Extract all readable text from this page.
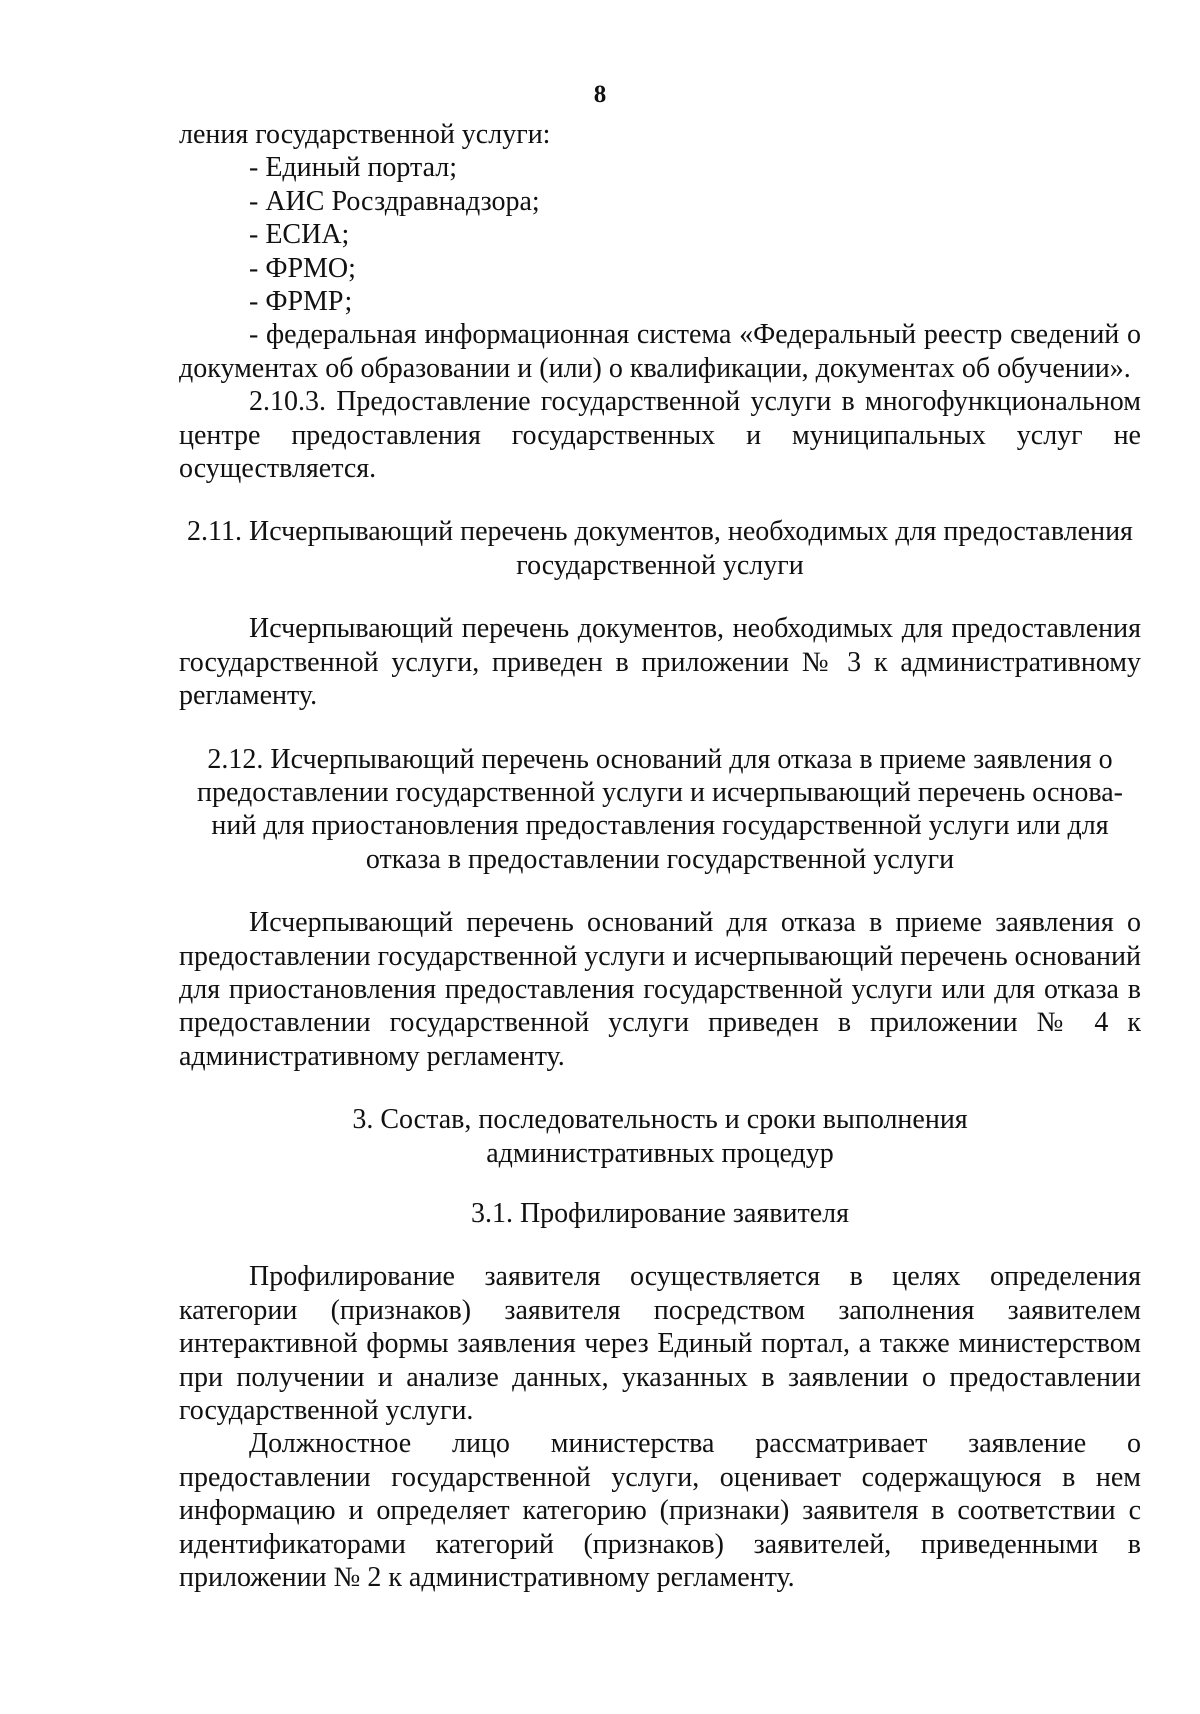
8

ления государственной услуги:

- Единый портал;

- АИС Росздравнадзора;

- ЕСИА;

- ФРМО;

- ФРМР;

- федеральная информационная система «Федеральный реестр сведений о документах об образовании и (или) о квалификации, документах об обучении».

2.10.3. Предоставление государственной услуги в многофункциональном центре предоставления государственных и муниципальных услуг не осуществляется.

2.11. Исчерпывающий перечень документов, необходимых для предоставления

государственной услуги

Исчерпывающий перечень документов, необходимых для предоставления государственной услуги, приведен в приложении № 3 к административному регламенту.

2.12. Исчерпывающий перечень оснований для отказа в приеме заявления о

предоставлении государственной услуги и исчерпывающий перечень основа-

ний для приостановления предоставления государственной услуги или для

отказа в предоставлении государственной услуги

Исчерпывающий перечень оснований для отказа в приеме заявления о предоставлении государственной услуги и исчерпывающий перечень оснований для приостановления предоставления государственной услуги или для отказа в предоставлении государственной услуги приведен в приложении № 4 к административному регламенту.

3. Состав, последовательность и сроки выполнения

административных процедур

3.1. Профилирование заявителя

Профилирование заявителя осуществляется в целях определения категории (признаков) заявителя посредством заполнения заявителем интерактивной формы заявления через Единый портал, а также министерством при получении и анализе данных, указанных в заявлении о предоставлении государственной услуги.

Должностное лицо министерства рассматривает заявление о предоставлении государственной услуги, оценивает содержащуюся в нем информацию и определяет категорию (признаки) заявителя в соответствии с идентификаторами категорий (признаков) заявителей, приведенными в приложении № 2 к административному регламенту.
